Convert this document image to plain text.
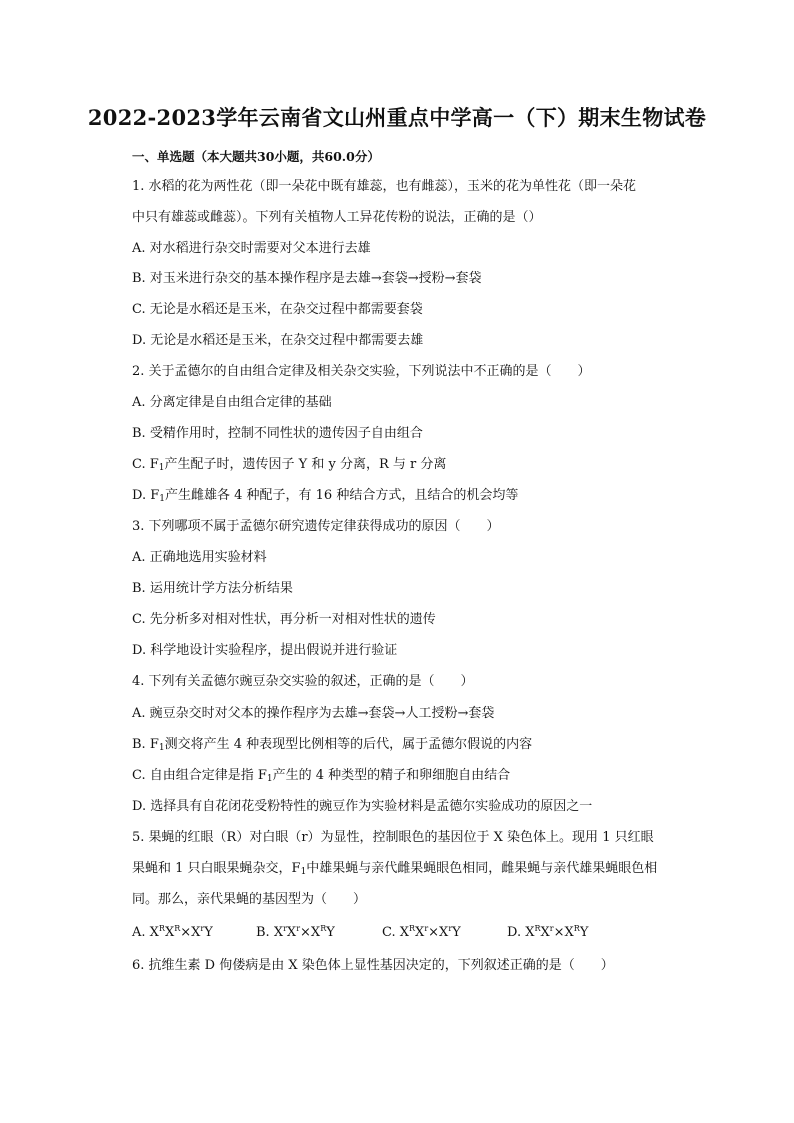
2022-2023学年云南省文山州重点中学高一（下）期末生物试卷
一、单选题（本大题共30小题，共60.0分）
1. 水稻的花为两性花（即一朵花中既有雄蕊，也有雌蕊），玉米的花为单性花（即一朵花
中只有雄蕊或雌蕊）。下列有关植物人工异花传粉的说法，正确的是（）
A. 对水稻进行杂交时需要对父本进行去雄
B. 对玉米进行杂交的基本操作程序是去雄→套袋→授粉→套袋
C. 无论是水稻还是玉米，在杂交过程中都需要套袋
D. 无论是水稻还是玉米，在杂交过程中都需要去雄
2. 关于孟德尔的自由组合定律及相关杂交实验，下列说法中不正确的是（　　）
A. 分离定律是自由组合定律的基础
B. 受精作用时，控制不同性状的遗传因子自由组合
C. $F_1$产生配子时，遗传因子 Y 和 y 分离，R 与 r 分离
D. $F_1$产生雌雄各 4 种配子，有 16 种结合方式，且结合的机会均等
3. 下列哪项不属于孟德尔研究遗传定律获得成功的原因（　　）
A. 正确地选用实验材料
B. 运用统计学方法分析结果
C. 先分析多对相对性状，再分析一对相对性状的遗传
D. 科学地设计实验程序，提出假说并进行验证
4. 下列有关孟德尔豌豆杂交实验的叙述，正确的是（　　）
A. 豌豆杂交时对父本的操作程序为去雄→套袋→人工授粉→套袋
B. $F_1$测交将产生 4 种表现型比例相等的后代，属于孟德尔假说的内容
C. 自由组合定律是指 $F_1$产生的 4 种类型的精子和卵细胞自由结合
D. 选择具有自花闭花受粉特性的豌豆作为实验材料是孟德尔实验成功的原因之一
5. 果蝇的红眼（R）对白眼（r）为显性，控制眼色的基因位于 X 染色体上。现用 1 只红眼
果蝇和 1 只白眼果蝇杂交，$F_1$中雄果蝇与亲代雌果蝇眼色相同，雌果蝇与亲代雄果蝇眼色相
同。那么，亲代果蝇的基因型为（　　）
A. $X^RX^R\times X^rY$	B. $X^rX^r\times X^RY$	C. $X^RX^r\times X^rY$	D. $X^RX^r\times X^RY$
6. 抗维生素 D 佝偻病是由 X 染色体上显性基因决定的，下列叙述正确的是（　　）
